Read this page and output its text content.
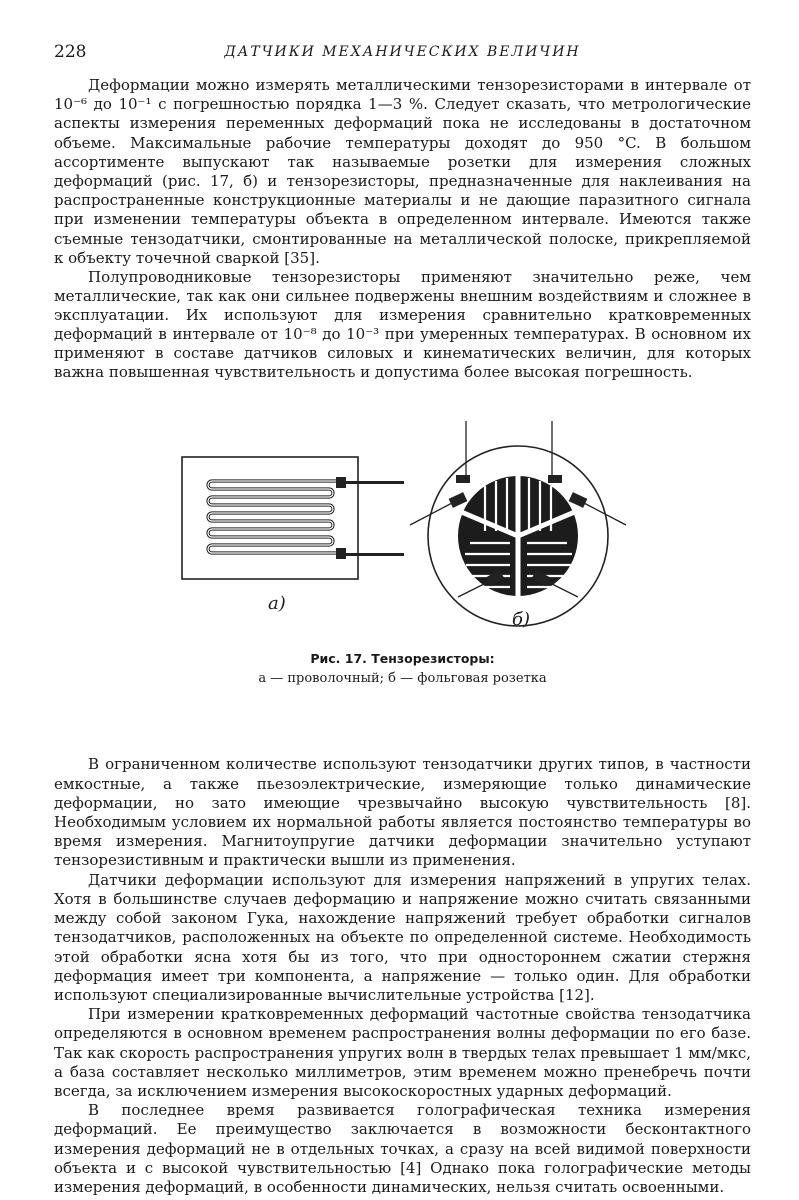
228	ДАТЧИКИ МЕХАНИЧЕСКИХ ВЕЛИЧИН

Деформации можно измерять металлическими тензорезисторами в интервале от 10⁻⁶ до 10⁻¹ с погрешностью порядка 1—3 %. Следует сказать, что метрологические аспекты измерения переменных деформаций пока не исследованы в достаточном объеме. Максимальные рабочие температуры доходят до 950 °C. В большом ассортименте выпускают так называемые розетки для измерения сложных деформаций (рис. 17, б) и тензорезисторы, предназначенные для наклеивания на распространенные конструкционные материалы и не дающие паразитного сигнала при изменении температуры объекта в определенном интервале. Имеются также съемные тензодатчики, смонтированные на металлической полоске, прикрепляемой к объекту точечной сваркой [35].

Полупроводниковые тензорезисторы применяют значительно реже, чем металлические, так как они сильнее подвержены внешним воздействиям и сложнее в эксплуатации. Их используют для измерения сравнительно кратковременных деформаций в интервале от 10⁻⁸ до 10⁻³ при умеренных температурах. В основном их применяют в составе датчиков силовых и кинематических величин, для которых важна повышенная чувствительность и допустима более высокая погрешность.

а)
б)
Рис. 17. Тензорезисторы:
а — проволочный; б — фольговая розетка

В ограниченном количестве используют тензодатчики других типов, в частности емкостные, а также пьезоэлектрические, измеряющие только динамические деформации, но зато имеющие чрезвычайно высокую чувствительность [8]. Необходимым условием их нормальной работы является постоянство температуры во время измерения. Магнитоупругие датчики деформации значительно уступают тензорезистивным и практически вышли из применения.

Датчики деформации используют для измерения напряжений в упругих телах. Хотя в большинстве случаев деформацию и напряжение можно считать связанными между собой законом Гука, нахождение напряжений требует обработки сигналов тензодатчиков, расположенных на объекте по определенной системе. Необходимость этой обработки ясна хотя бы из того, что при одностороннем сжатии стержня деформация имеет три компонента, а напряжение — только один. Для обработки используют специализированные вычислительные устройства [12].

При измерении кратковременных деформаций частотные свойства тензодатчика определяются в основном временем распространения волны деформации по его базе. Так как скорость распространения упругих волн в твердых телах превышает 1 мм/мкс, а база составляет несколько миллиметров, этим временем можно пренебречь почти всегда, за исключением измерения высокоскоростных ударных деформаций.

В последнее время развивается голографическая техника измерения деформаций. Ее преимущество заключается в возможности бесконтактного измерения деформаций не в отдельных точках, а сразу на всей видимой поверхности объекта и с высокой чувствительностью [4] Однако пока голографические методы измерения деформаций, в особенности динамических, нельзя считать освоенными.
